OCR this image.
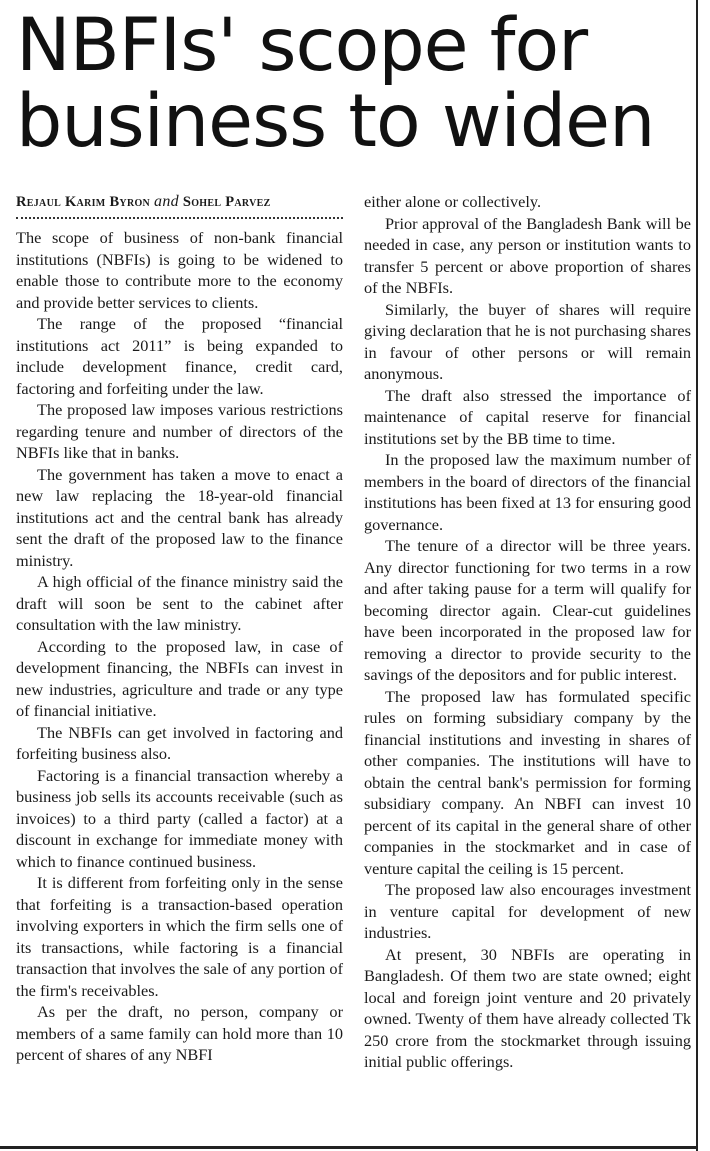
NBFIs' scope for
business to widen
Rejaul Karim Byron and Sohel Parvez

The scope of business of non-bank financial institutions (NBFIs) is going to be widened to enable those to contribute more to the economy and provide better services to clients.

The range of the proposed “financial institutions act 2011” is being expanded to include development finance, credit card, factoring and forfeiting under the law.

The proposed law imposes various restrictions regarding tenure and number of directors of the NBFIs like that in banks.

The government has taken a move to enact a new law replacing the 18-year-old financial institutions act and the central bank has already sent the draft of the proposed law to the finance ministry.

A high official of the finance ministry said the draft will soon be sent to the cabinet after consultation with the law ministry.

According to the proposed law, in case of development financing, the NBFIs can invest in new industries, agriculture and trade or any type of financial initiative.

The NBFIs can get involved in factoring and forfeiting business also.

Factoring is a financial transaction whereby a business job sells its accounts receivable (such as invoices) to a third party (called a factor) at a discount in exchange for immediate money with which to finance continued business.

It is different from forfeiting only in the sense that forfeiting is a transaction-based operation involving exporters in which the firm sells one of its transactions, while factoring is a financial transaction that involves the sale of any portion of the firm's receivables.

As per the draft, no person, company or members of a same family can hold more than 10 percent of shares of any NBFI

either alone or collectively.

Prior approval of the Bangladesh Bank will be needed in case, any person or institution wants to transfer 5 percent or above proportion of shares of the NBFIs.

Similarly, the buyer of shares will require giving declaration that he is not purchasing shares in favour of other persons or will remain anonymous.

The draft also stressed the importance of maintenance of capital reserve for financial institutions set by the BB time to time.

In the proposed law the maximum number of members in the board of directors of the financial institutions has been fixed at 13 for ensuring good governance.

The tenure of a director will be three years. Any director functioning for two terms in a row and after taking pause for a term will qualify for becoming director again. Clear-cut guidelines have been incorporated in the proposed law for removing a director to provide security to the savings of the depositors and for public interest.

The proposed law has formulated specific rules on forming subsidiary company by the financial institutions and investing in shares of other companies. The institutions will have to obtain the central bank's permission for forming subsidiary company. An NBFI can invest 10 percent of its capital in the general share of other companies in the stockmarket and in case of venture capital the ceiling is 15 percent.

The proposed law also encourages investment in venture capital for development of new industries.

At present, 30 NBFIs are operating in Bangladesh. Of them two are state owned; eight local and foreign joint venture and 20 privately owned. Twenty of them have already collected Tk 250 crore from the stockmarket through issuing initial public offerings.
